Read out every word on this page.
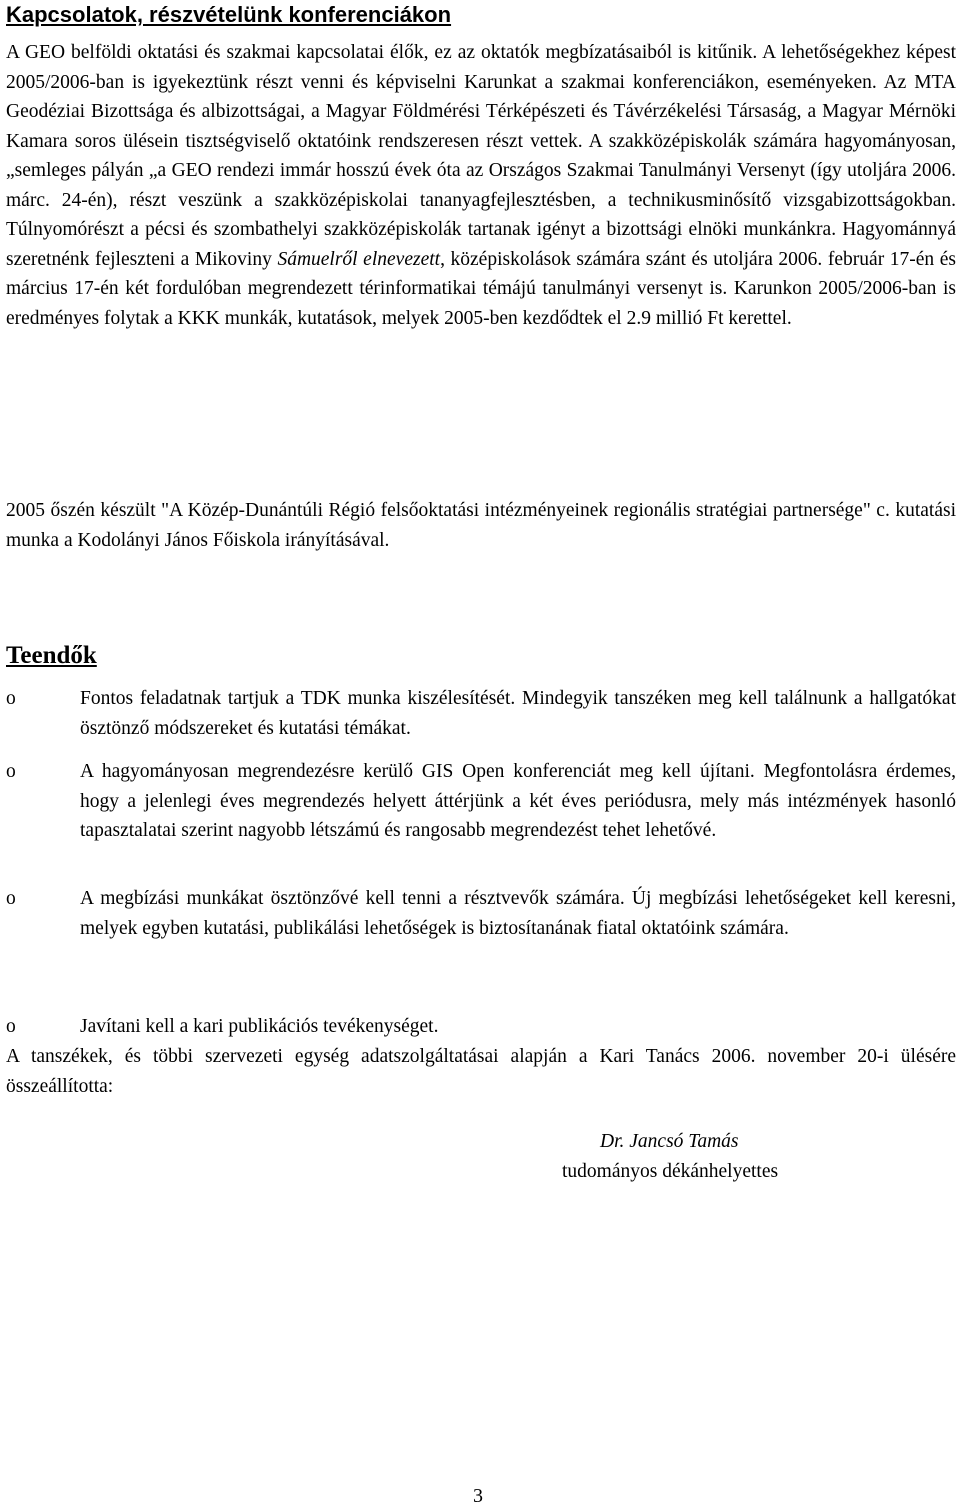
Kapcsolatok, részvételünk konferenciákon
A GEO belföldi oktatási és szakmai kapcsolatai élők, ez az oktatók megbízatásaiból is kitűnik. A lehetőségekhez képest 2005/2006-ban is igyekeztünk részt venni és képviselni Karunkat a szakmai konferenciákon, eseményeken. Az MTA Geodéziai Bizottsága és albizottságai, a Magyar Földmérési Térképészeti és Távérzékelési Társaság, a Magyar Mérnöki Kamara soros ülésein tisztségviselő oktatóink rendszeresen részt vettek. A szakközépiskolák számára hagyományosan, „semleges pályán „a GEO rendezi immár hosszú évek óta az Országos Szakmai Tanulmányi Versenyt (így utoljára 2006. márc. 24-én), részt veszünk a szakközépiskolai tananyagfejlesztésben, a technikusminősítő vizsgabizottságokban. Túlnyomórészt a pécsi és szombathelyi szakközépiskolák tartanak igényt a bizottsági elnöki munkánkra. Hagyománnyá szeretnénk fejleszteni a Mikoviny Sámuelről elnevezett, középiskolások számára szánt és utoljára 2006. február 17-én és március 17-én két fordulóban megrendezett térinformatikai témájú tanulmányi versenyt is. Karunkon 2005/2006-ban is eredményes folytak a KKK munkák, kutatások, melyek 2005-ben kezdődtek el 2.9 millió Ft kerettel.
2005 őszén készült "A Közép-Dunántúli Régió felsőoktatási intézményeinek regionális stratégiai partnersége" c. kutatási munka a Kodolányi János Főiskola irányításával.
Teendők
o	Fontos feladatnak tartjuk a TDK munka kiszélesítését. Mindegyik tanszéken meg kell találnunk a hallgatókat ösztönző módszereket és kutatási témákat.
o	A hagyományosan megrendezésre kerülő GIS Open konferenciát meg kell újítani. Megfontolásra érdemes, hogy a jelenlegi éves megrendezés helyett áttérjünk a két éves periódusra, mely más intézmények hasonló tapasztalatai szerint nagyobb létszámú és rangosabb megrendezést tehet lehetővé.
o	A megbízási munkákat ösztönzővé kell tenni a résztvevők számára. Új megbízási lehetőségeket kell keresni, melyek egyben kutatási, publikálási lehetőségek is biztosítanának fiatal oktatóink számára.
o	Javítani kell a kari publikációs tevékenységet.
A tanszékek, és többi szervezeti egység adatszolgáltatásai alapján a Kari Tanács 2006. november 20-i ülésére összeállította:
Dr. Jancsó Tamás
tudományos dékánhelyettes
3
